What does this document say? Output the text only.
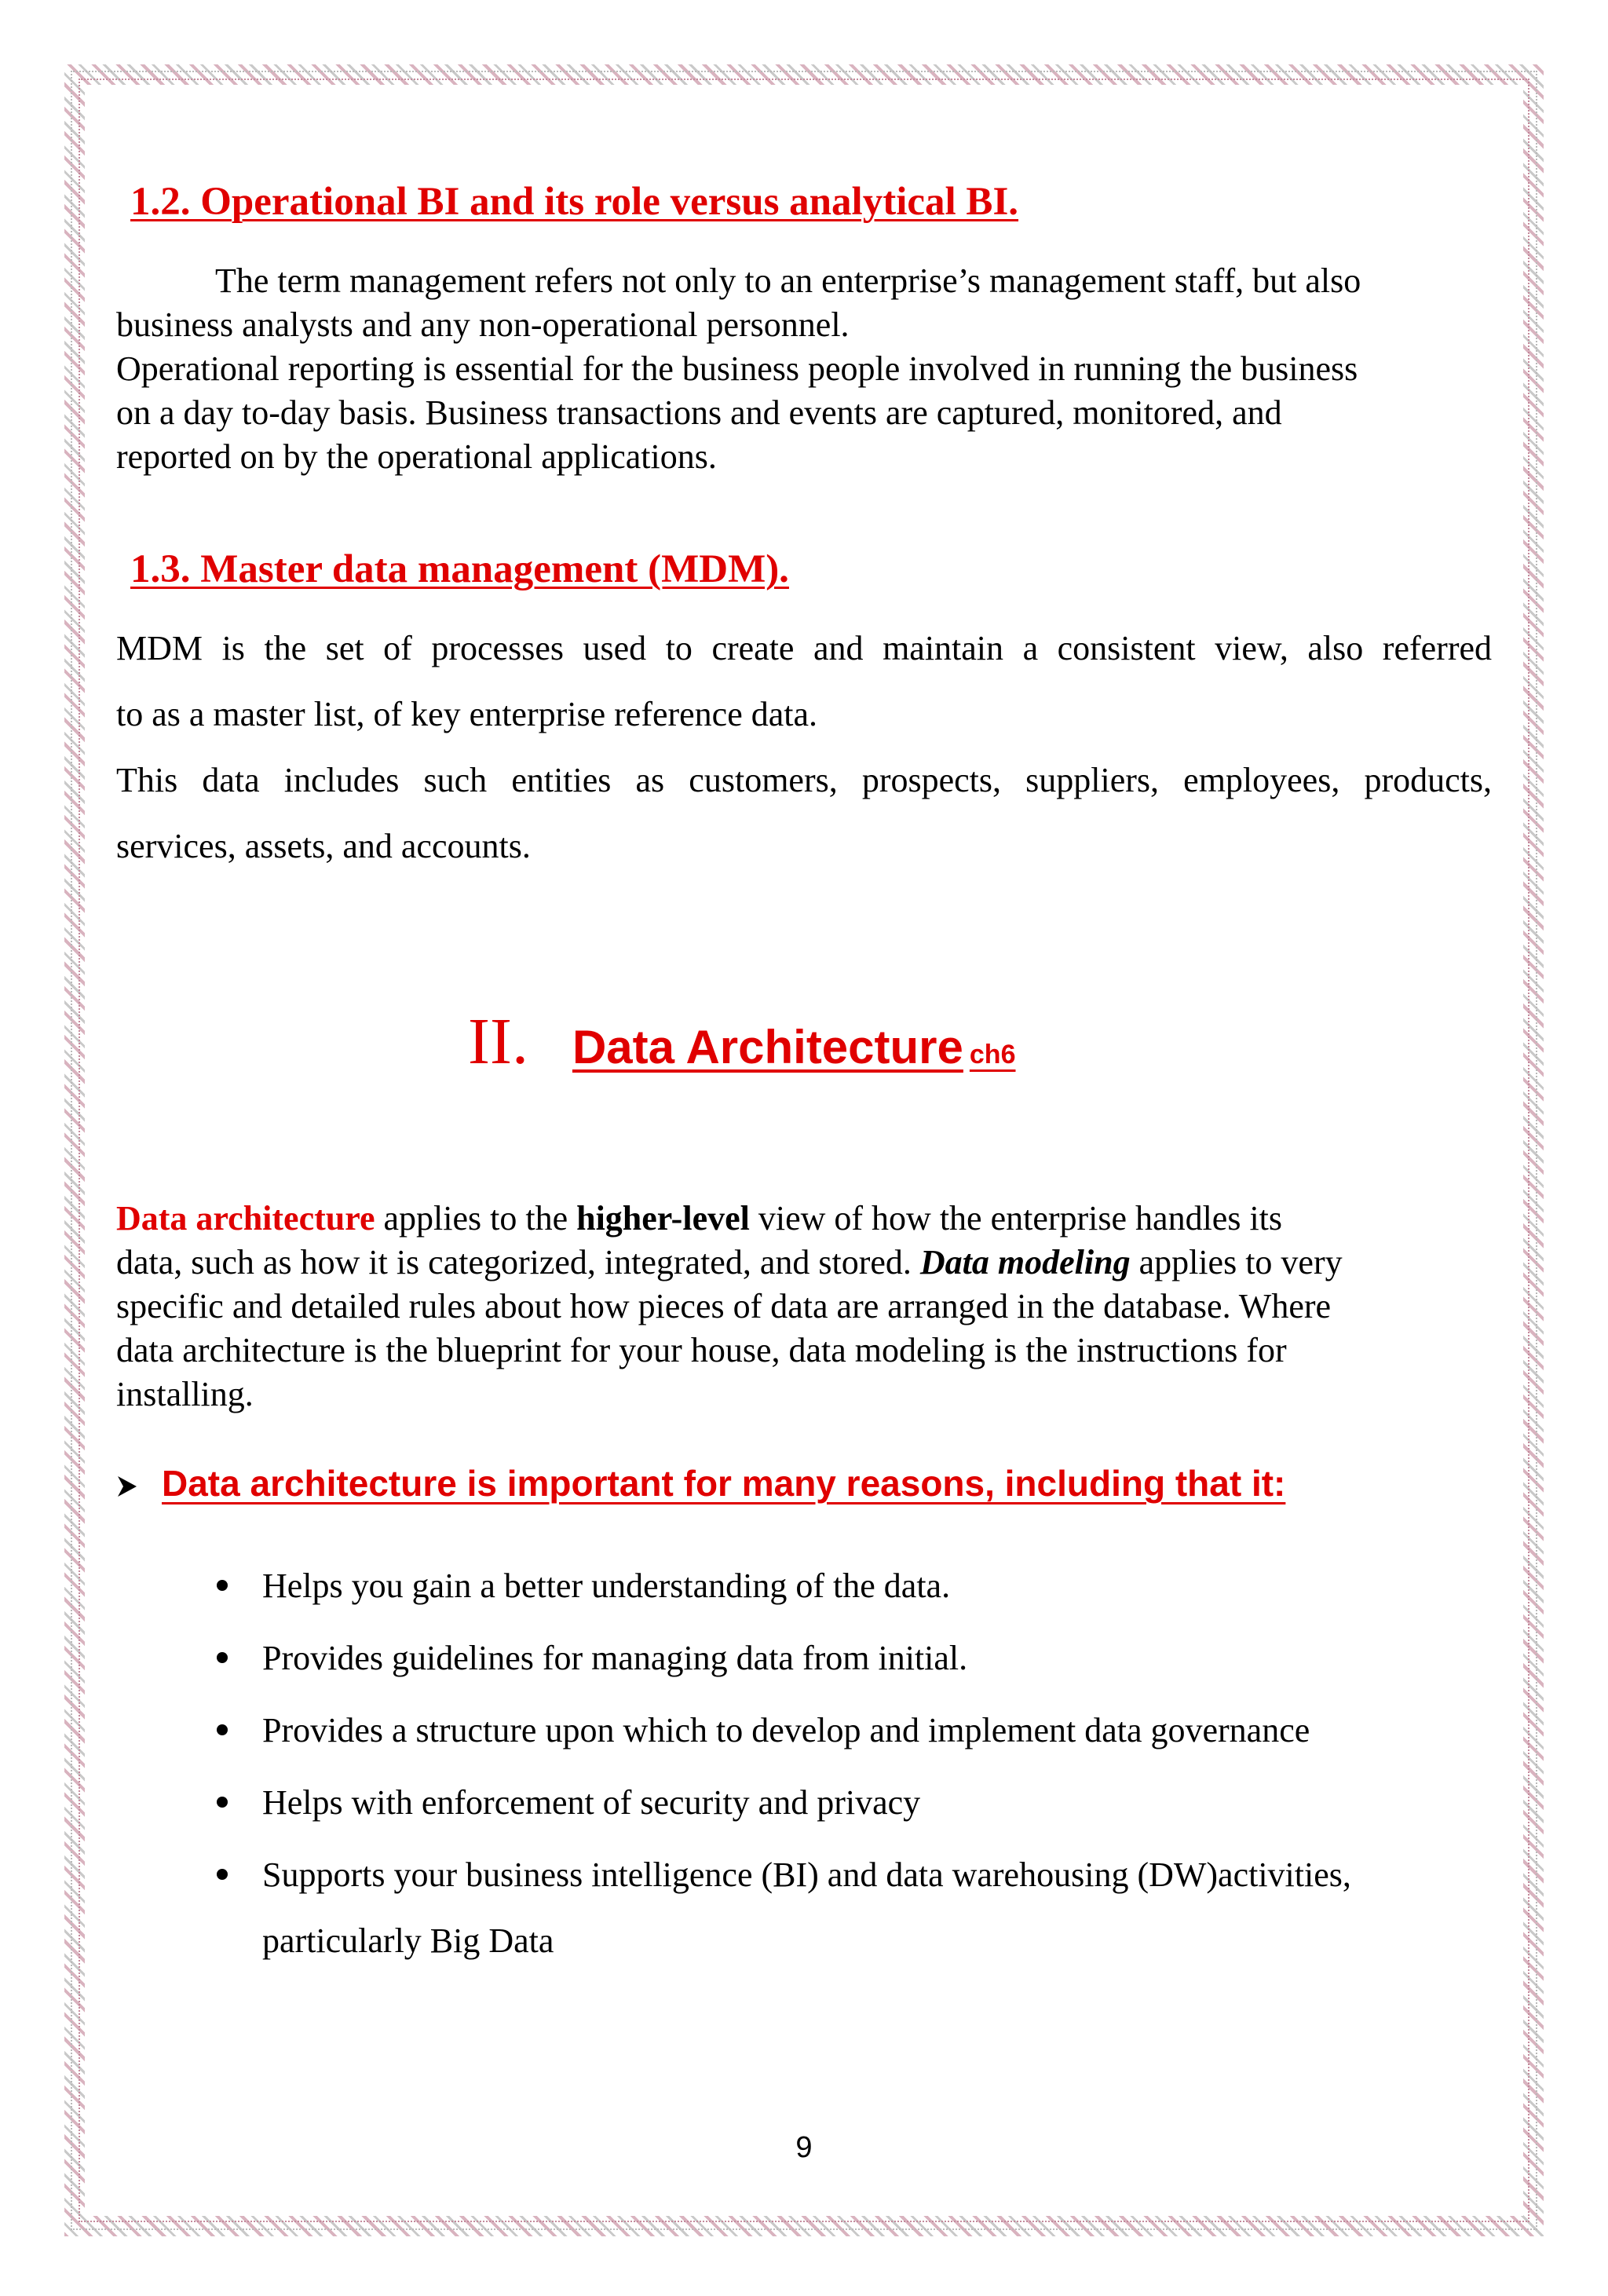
1.2. Operational BI and its role versus analytical BI.
The term management refers not only to an enterprise’s management staff, but also
business analysts and any non-operational personnel.
Operational reporting is essential for the business people involved in running the business
on a day to-day basis. Business transactions and events are captured, monitored, and
reported on by the operational applications.
1.3. Master data management (MDM).
MDM is the set of processes used to create and maintain a consistent view, also referred
to as a master list, of key enterprise reference data.
This data includes such entities as customers, prospects, suppliers, employees, products,
services, assets, and accounts.
II. Data Architecture ch6
Data architecture applies to the higher-level view of how the enterprise handles its
data, such as how it is categorized, integrated, and stored. Data modeling applies to very
specific and detailed rules about how pieces of data are arranged in the database. Where
data architecture is the blueprint for your house, data modeling is the instructions for
installing.
Data architecture is important for many reasons, including that it:
Helps you gain a better understanding of the data.
Provides guidelines for managing data from initial.
Provides a structure upon which to develop and implement data governance
Helps with enforcement of security and privacy
Supports your business intelligence (BI) and data warehousing (DW)activities,
particularly Big Data
9
